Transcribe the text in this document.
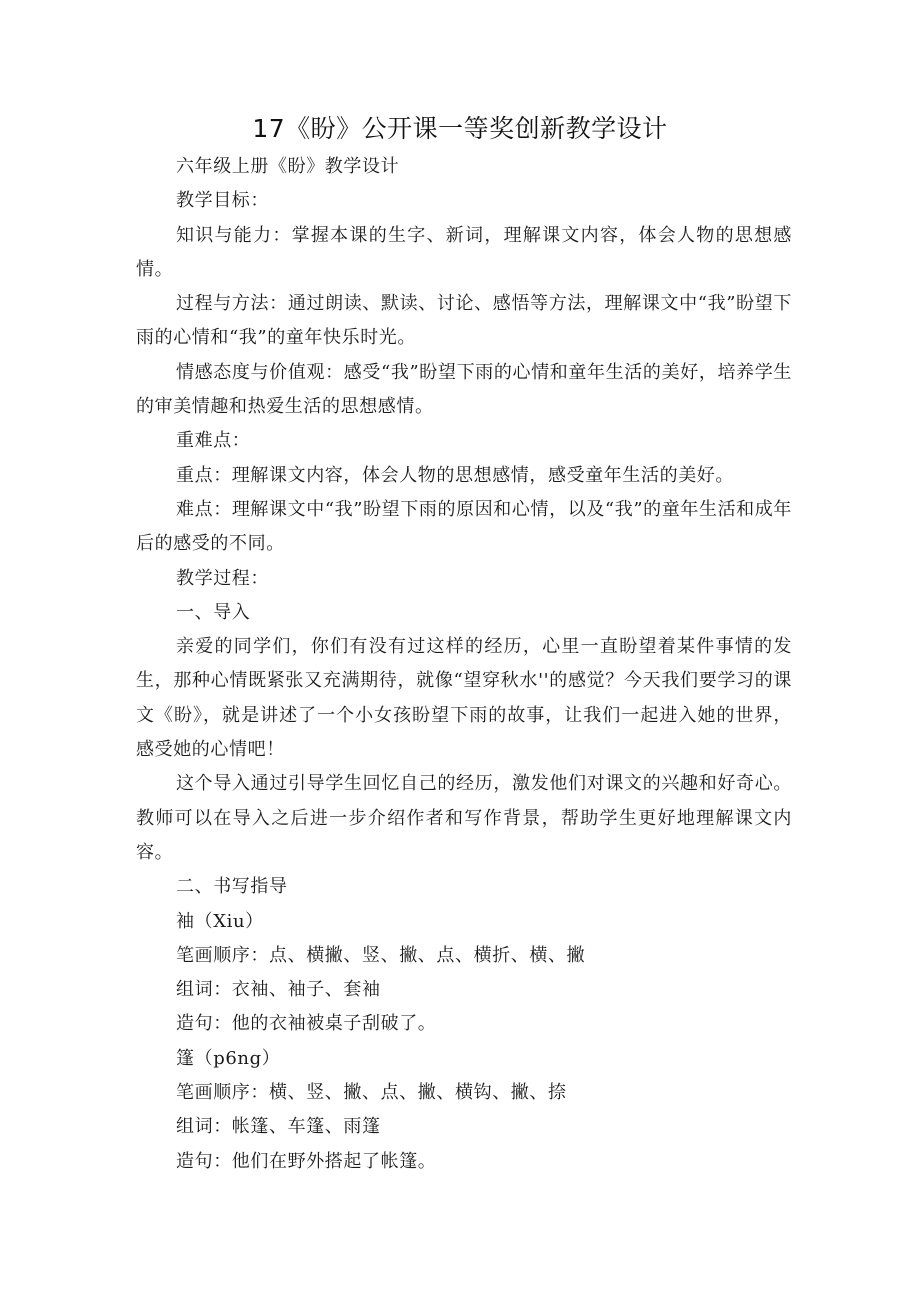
17《盼》公开课一等奖创新教学设计

六年级上册《盼》教学设计

教学目标：

知识与能力：掌握本课的生字、新词，理解课文内容，体会人物的思想感情。

过程与方法：通过朗读、默读、讨论、感悟等方法，理解课文中“我”盼望下雨的心情和“我”的童年快乐时光。

情感态度与价值观：感受“我”盼望下雨的心情和童年生活的美好，培养学生的审美情趣和热爱生活的思想感情。

重难点：

重点：理解课文内容，体会人物的思想感情，感受童年生活的美好。

难点：理解课文中“我”盼望下雨的原因和心情，以及“我”的童年生活和成年后的感受的不同。

教学过程：

一、导入

亲爱的同学们，你们有没有过这样的经历，心里一直盼望着某件事情的发生，那种心情既紧张又充满期待，就像“望穿秋水''的感觉？今天我们要学习的课文《盼》，就是讲述了一个小女孩盼望下雨的故事，让我们一起进入她的世界，感受她的心情吧！

这个导入通过引导学生回忆自己的经历，激发他们对课文的兴趣和好奇心。教师可以在导入之后进一步介绍作者和写作背景，帮助学生更好地理解课文内容。

二、书写指导

袖（Xiu）

笔画顺序：点、横撇、竖、撇、点、横折、横、撇

组词：衣袖、袖子、套袖

造句：他的衣袖被桌子刮破了。

篷（p6ng）

笔画顺序：横、竖、撇、点、撇、横钩、撇、捺

组词：帐篷、车篷、雨篷

造句：他们在野外搭起了帐篷。
